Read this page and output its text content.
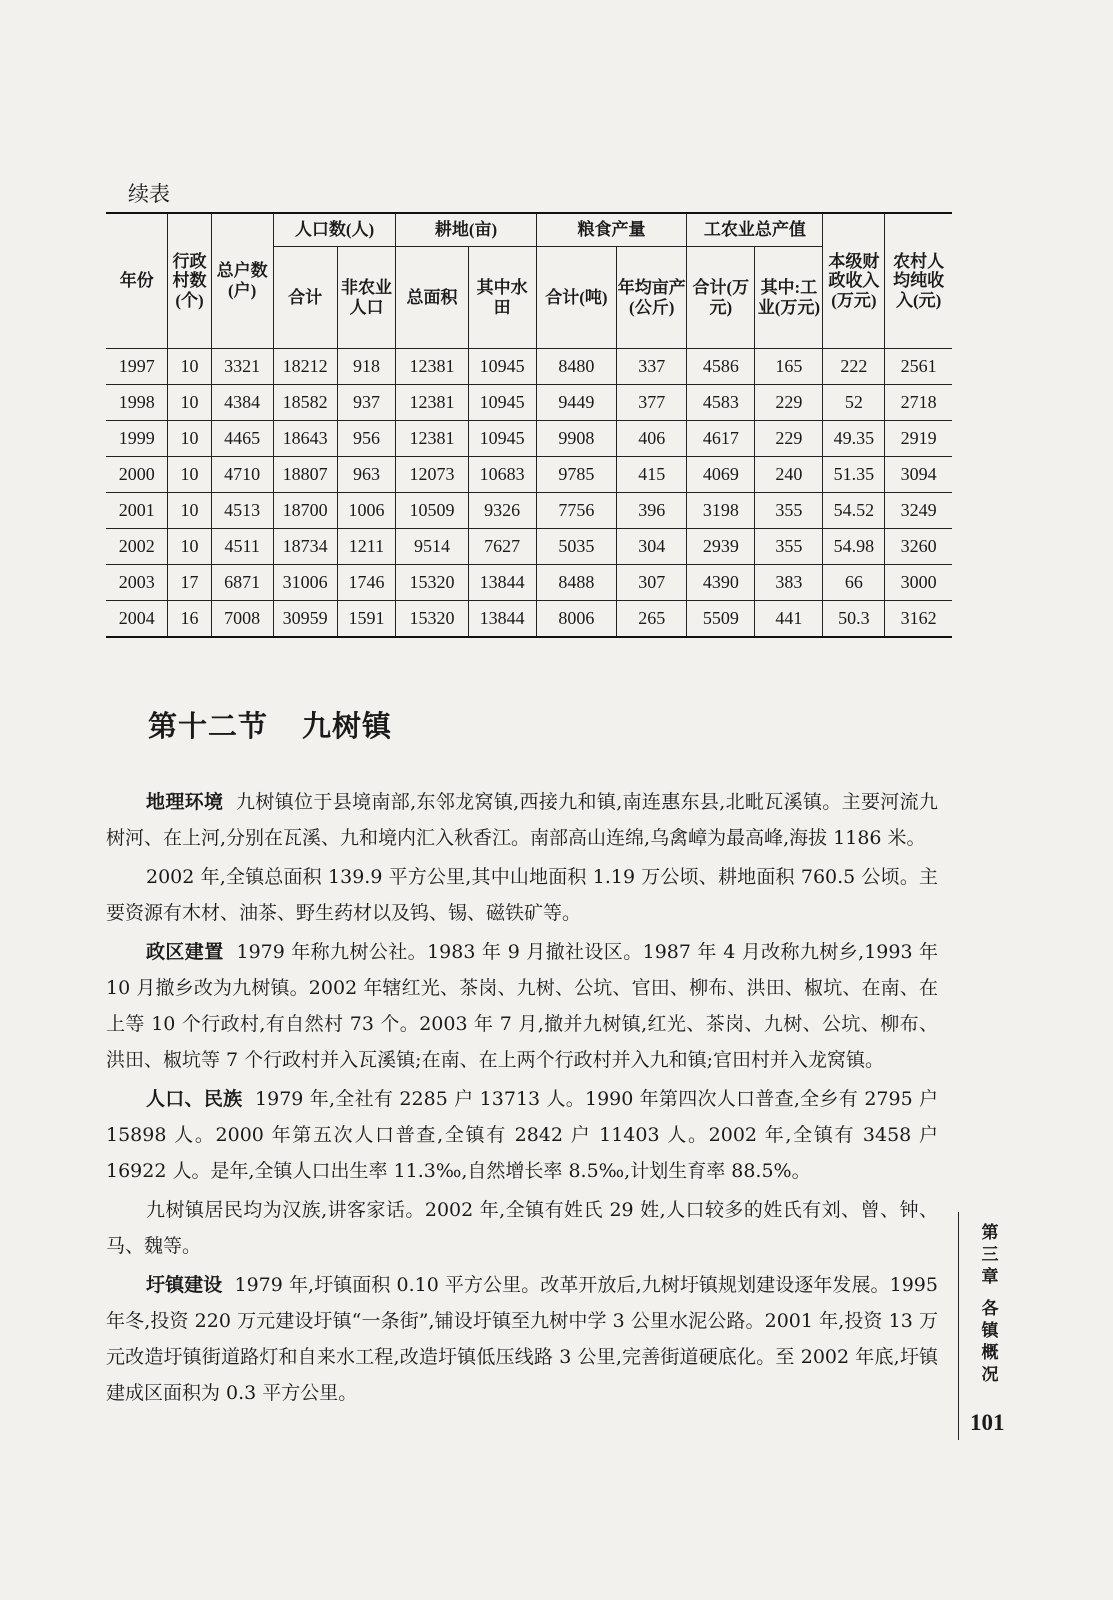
续表
年份	行政村数(个)	总户数(户)	人口数(人)		耕地(亩)		粮食产量		工农业总产值		本级财政收入(万元)	农村人均纯收入(元)
			合计	非农业人口	总面积	其中水田	合计(吨)	年均亩产(公斤)	合计(万元)	其中:工业(万元)		
1997	10	3321	18212	918	12381	10945	8480	337	4586	165	222	2561
1998	10	4384	18582	937	12381	10945	9449	377	4583	229	52	2718
1999	10	4465	18643	956	12381	10945	9908	406	4617	229	49.35	2919
2000	10	4710	18807	963	12073	10683	9785	415	4069	240	51.35	3094
2001	10	4513	18700	1006	10509	9326	7756	396	3198	355	54.52	3249
2002	10	4511	18734	1211	9514	7627	5035	304	2939	355	54.98	3260
2003	17	6871	31006	1746	15320	13844	8488	307	4390	383	66	3000
2004	16	7008	30959	1591	15320	13844	8006	265	5509	441	50.3	3162
第十二节 九树镇

地理环境 九树镇位于县境南部,东邻龙窝镇,西接九和镇,南连惠东县,北毗瓦溪镇。主要河流九树河、在上河,分别在瓦溪、九和境内汇入秋香江。南部高山连绵,乌禽嶂为最高峰,海拔 1186 米。

2002 年,全镇总面积 139.9 平方公里,其中山地面积 1.19 万公顷、耕地面积 760.5 公顷。主要资源有木材、油茶、野生药材以及钨、锡、磁铁矿等。

政区建置 1979 年称九树公社。1983 年 9 月撤社设区。1987 年 4 月改称九树乡,1993 年 10 月撤乡改为九树镇。2002 年辖红光、茶岗、九树、公坑、官田、柳布、洪田、椒坑、在南、在上等 10 个行政村,有自然村 73 个。2003 年 7 月,撤并九树镇,红光、茶岗、九树、公坑、柳布、洪田、椒坑等 7 个行政村并入瓦溪镇;在南、在上两个行政村并入九和镇;官田村并入龙窝镇。

人口、民族 1979 年,全社有 2285 户 13713 人。1990 年第四次人口普查,全乡有 2795 户 15898 人。2000 年第五次人口普查,全镇有 2842 户 11403 人。2002 年,全镇有 3458 户 16922 人。是年,全镇人口出生率 11.3‰,自然增长率 8.5‰,计划生育率 88.5%。

九树镇居民均为汉族,讲客家话。2002 年,全镇有姓氏 29 姓,人口较多的姓氏有刘、曾、钟、马、魏等。

圩镇建设 1979 年,圩镇面积 0.10 平方公里。改革开放后,九树圩镇规划建设逐年发展。1995 年冬,投资 220 万元建设圩镇“一条街”,铺设圩镇至九树中学 3 公里水泥公路。2001 年,投资 13 万元改造圩镇街道路灯和自来水工程,改造圩镇低压线路 3 公里,完善街道硬底化。至 2002 年底,圩镇建成区面积为 0.3 平方公里。

第
三
章
各
镇
概
况
101
